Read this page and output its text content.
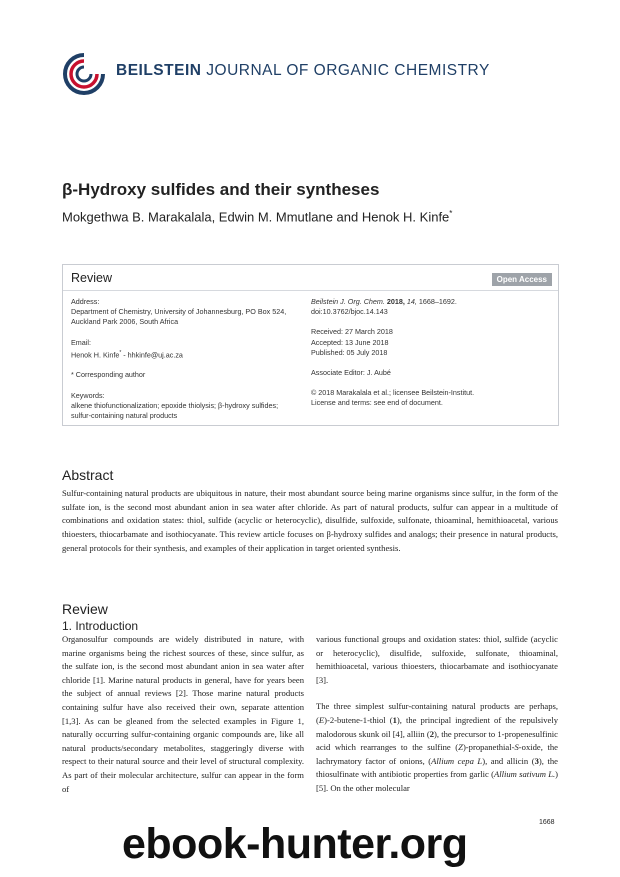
BEILSTEIN JOURNAL OF ORGANIC CHEMISTRY
β-Hydroxy sulfides and their syntheses
Mokgethwa B. Marakalala, Edwin M. Mmutlane and Henok H. Kinfe*
Review	Open Access

Address:

Department of Chemistry, University of Johannesburg, PO Box 524, Auckland Park 2006, South Africa

Email:

Henok H. Kinfe* - hhkinfe@uj.ac.za

* Corresponding author

Keywords:

alkene thiofunctionalization; epoxide thiolysis; β-hydroxy sulfides; sulfur-containing natural products

Beilstein J. Org. Chem. 2018, 14, 1668–1692.

doi:10.3762/bjoc.14.143

Received: 27 March 2018

Accepted: 13 June 2018

Published: 05 July 2018

Associate Editor: J. Aubé

© 2018 Marakalala et al.; licensee Beilstein-Institut.

License and terms: see end of document.

Abstract
Sulfur-containing natural products are ubiquitous in nature, their most abundant source being marine organisms since sulfur, in the form of the sulfate ion, is the second most abundant anion in sea water after chloride. As part of natural products, sulfur can appear in a multitude of combinations and oxidation states: thiol, sulfide (acyclic or heterocyclic), disulfide, sulfoxide, sulfonate, thioaminal, hemithioacetal, various thioesters, thiocarbamate and isothiocyanate. This review article focuses on β-hydroxy sulfides and analogs; their presence in natural products, general protocols for their synthesis, and examples of their application in target oriented synthesis.
Review
1. Introduction

Organosulfur compounds are widely distributed in nature, with marine organisms being the richest sources of these, since sulfur, as the sulfate ion, is the second most abundant anion in sea water after chloride [1]. Marine natural products in general, have for years been the subject of annual reviews [2]. Those marine natural products containing sulfur have also received their own, separate attention [1,3]. As can be gleaned from the selected examples in Figure 1, naturally occurring sulfur-containing organic compounds are, like all natural products/secondary metabolites, staggeringly diverse with respect to their natural source and their level of structural complexity. As part of their molecular architecture, sulfur can appear in the form of

various functional groups and oxidation states: thiol, sulfide (acyclic or heterocyclic), disulfide, sulfoxide, sulfonate, thioaminal, hemithioacetal, various thioesters, thiocarbamate and isothiocyanate [3].

The three simplest sulfur-containing natural products are perhaps, (E)-2-butene-1-thiol (1), the principal ingredient of the repulsively malodorous skunk oil [4], alliin (2), the precursor to 1-propenesulfinic acid which rearranges to the sulfine (Z)-propanethial-S-oxide, the lachrymatory factor of onions, (Allium cepa L), and allicin (3), the thiosulfinate with antibiotic properties from garlic (Allium sativum L.) [5]. On the other molecular

1668
ebook-hunter.org
